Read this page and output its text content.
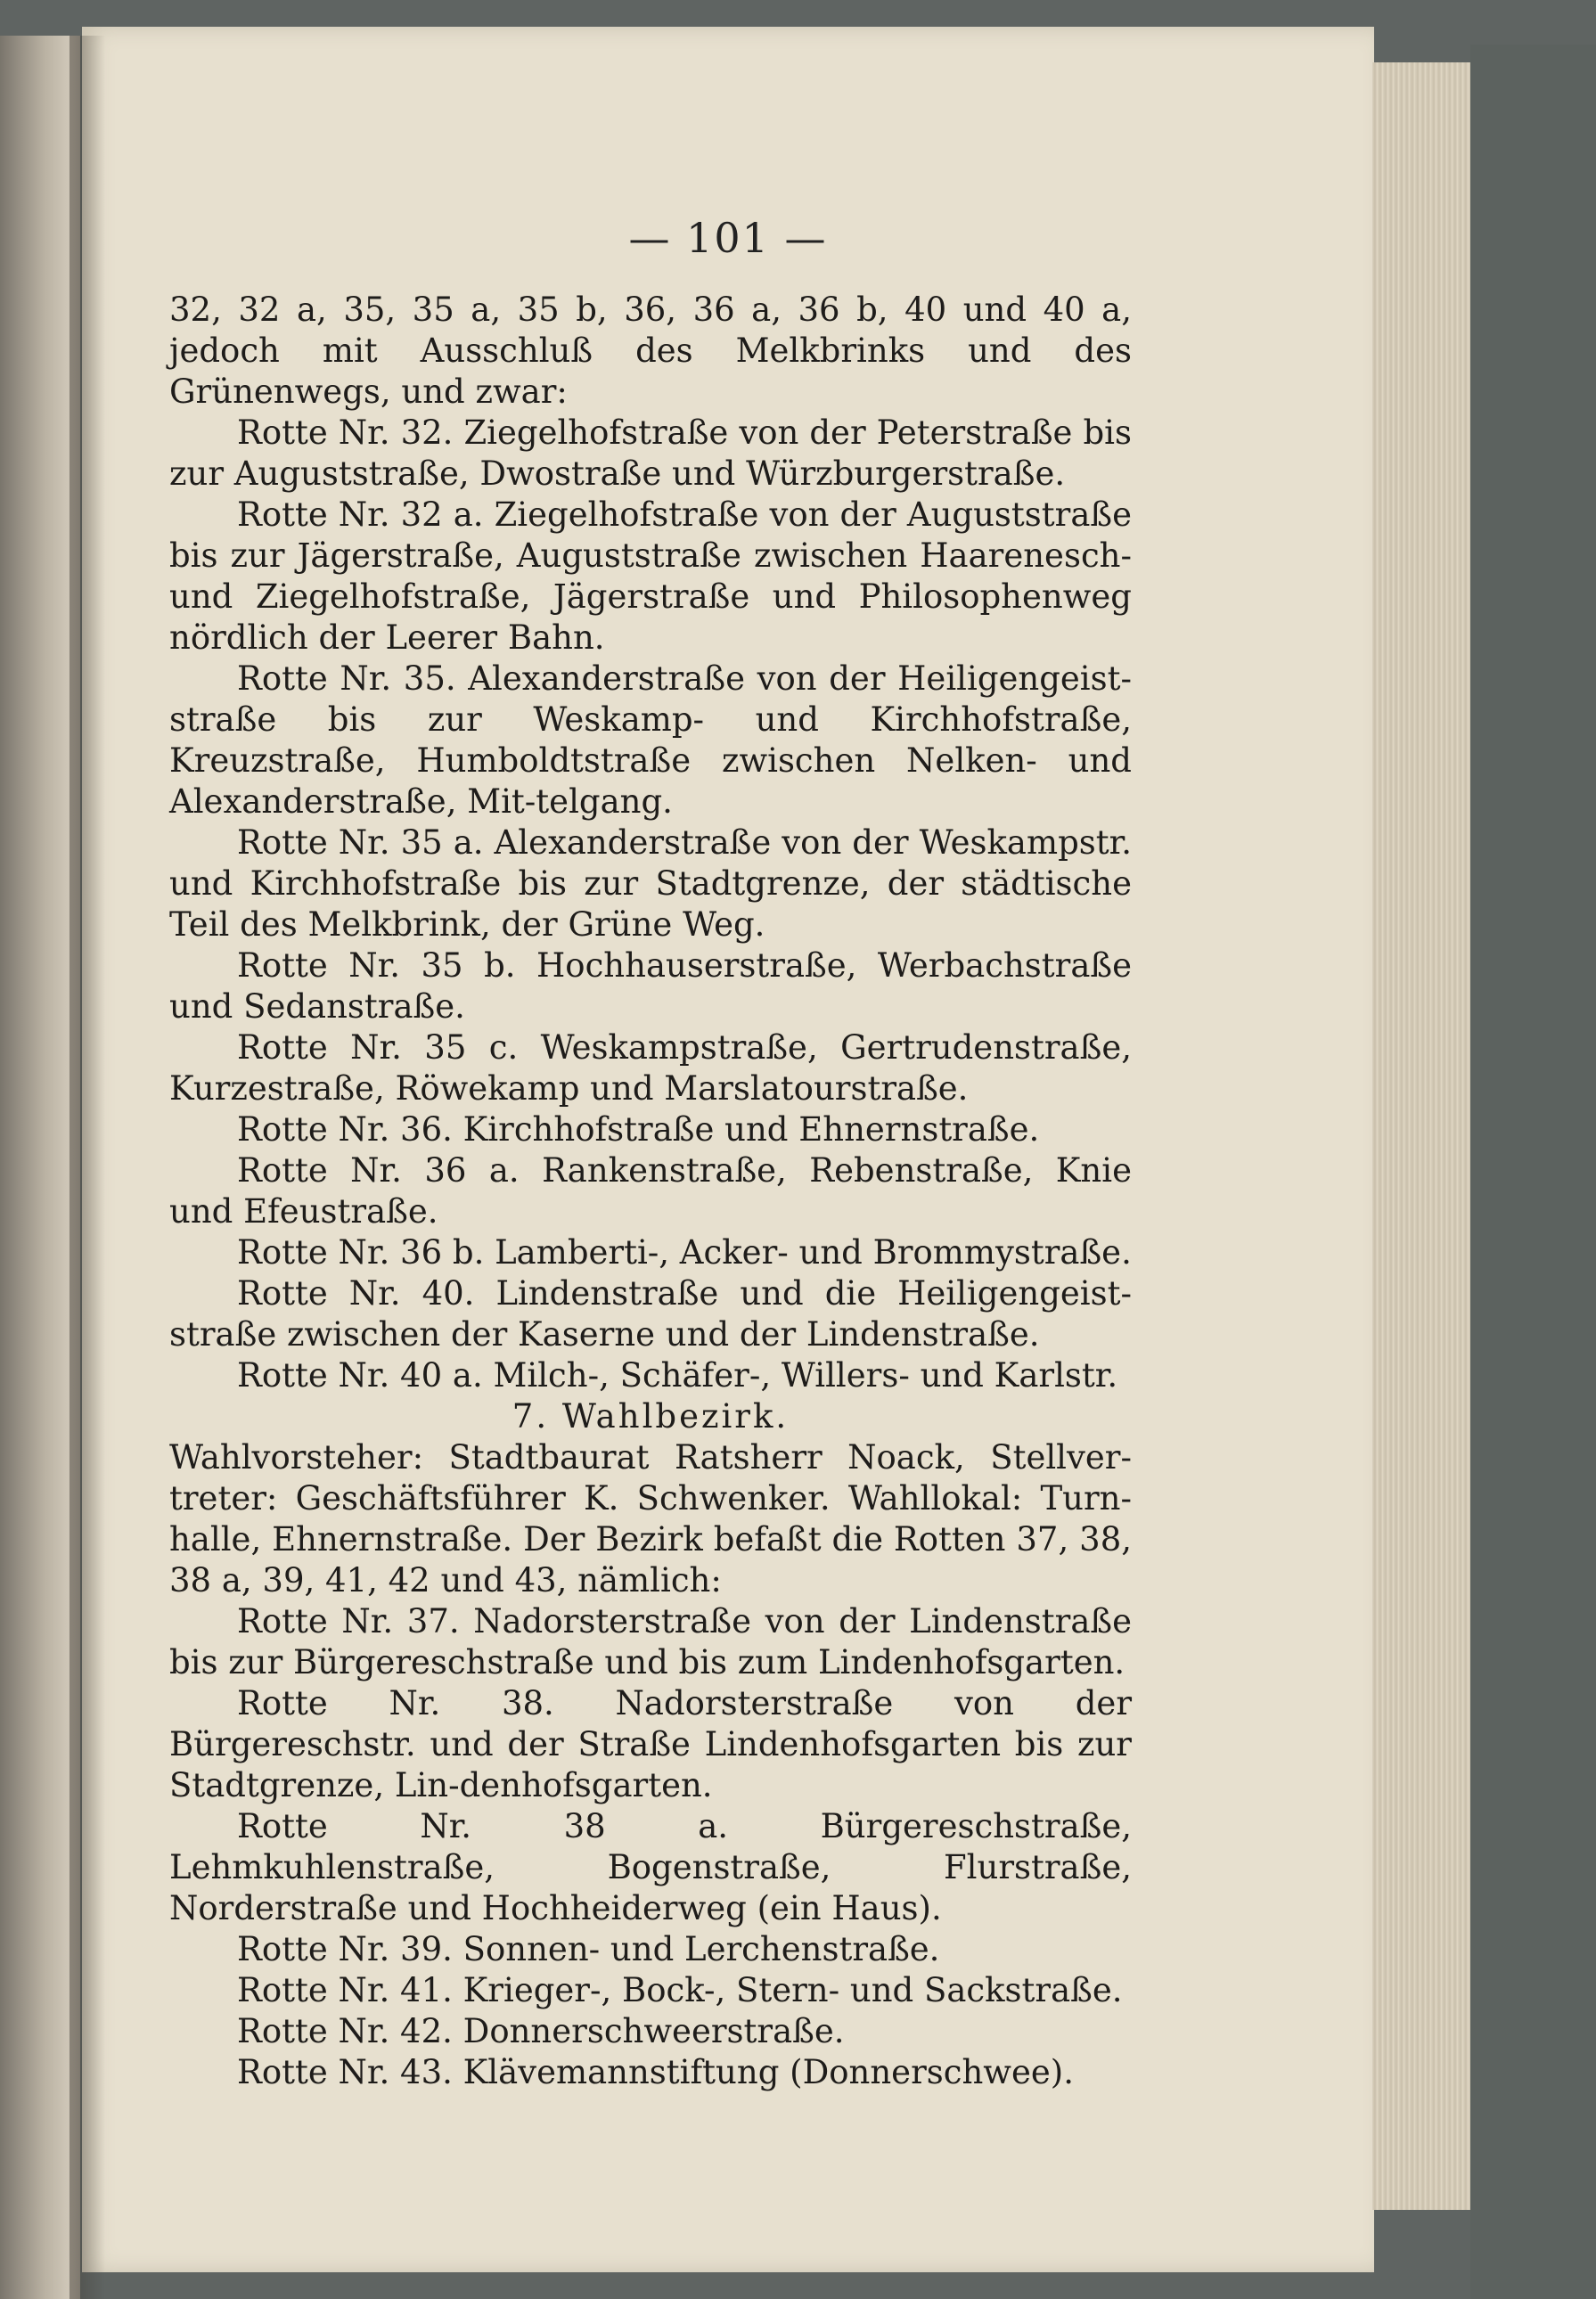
— 101 —

32, 32 a, 35, 35 a, 35 b, 36, 36 a, 36 b, 40 und 40 a, jedoch mit Ausschluß des Melkbrinks und des Grünenwegs, und zwar:

Rotte Nr. 32. Ziegelhofstraße von der Peterstraße bis zur Auguststraße, Dwostraße und Würzburgerstraße.

Rotte Nr. 32 a. Ziegelhofstraße von der Auguststraße bis zur Jägerstraße, Auguststraße zwischen Haarenesch- und Ziegelhofstraße, Jägerstraße und Philosophenweg nördlich der Leerer Bahn.

Rotte Nr. 35. Alexanderstraße von der Heiligengeist-straße bis zur Weskamp- und Kirchhofstraße, Kreuzstraße, Humboldtstraße zwischen Nelken- und Alexanderstraße, Mit-telgang.

Rotte Nr. 35 a. Alexanderstraße von der Weskampstr. und Kirchhofstraße bis zur Stadtgrenze, der städtische Teil des Melkbrink, der Grüne Weg.

Rotte Nr. 35 b. Hochhauserstraße, Werbachstraße und Sedanstraße.

Rotte Nr. 35 c. Weskampstraße, Gertrudenstraße, Kurzestraße, Röwekamp und Marslatourstraße.

Rotte Nr. 36. Kirchhofstraße und Ehnernstraße.

Rotte Nr. 36 a. Rankenstraße, Rebenstraße, Knie und Efeustraße.

Rotte Nr. 36 b. Lamberti-, Acker- und Brommystraße.

Rotte Nr. 40. Lindenstraße und die Heiligengeist-straße zwischen der Kaserne und der Lindenstraße.

Rotte Nr. 40 a. Milch-, Schäfer-, Willers- und Karlstr.

7. Wahlbezirk.

Wahlvorsteher: Stadtbaurat Ratsherr Noack, Stellver-treter: Geschäftsführer K. Schwenker. Wahllokal: Turn-halle, Ehnernstraße. Der Bezirk befaßt die Rotten 37, 38, 38 a, 39, 41, 42 und 43, nämlich:

Rotte Nr. 37. Nadorsterstraße von der Lindenstraße bis zur Bürgereschstraße und bis zum Lindenhofsgarten.

Rotte Nr. 38. Nadorsterstraße von der Bürgereschstr. und der Straße Lindenhofsgarten bis zur Stadtgrenze, Lin-denhofsgarten.

Rotte Nr. 38 a. Bürgereschstraße, Lehmkuhlenstraße, Bogenstraße, Flurstraße, Norderstraße und Hochheiderweg (ein Haus).

Rotte Nr. 39. Sonnen- und Lerchenstraße.

Rotte Nr. 41. Krieger-, Bock-, Stern- und Sackstraße.

Rotte Nr. 42. Donnerschweerstraße.

Rotte Nr. 43. Klävemannstiftung (Donnerschwee).
